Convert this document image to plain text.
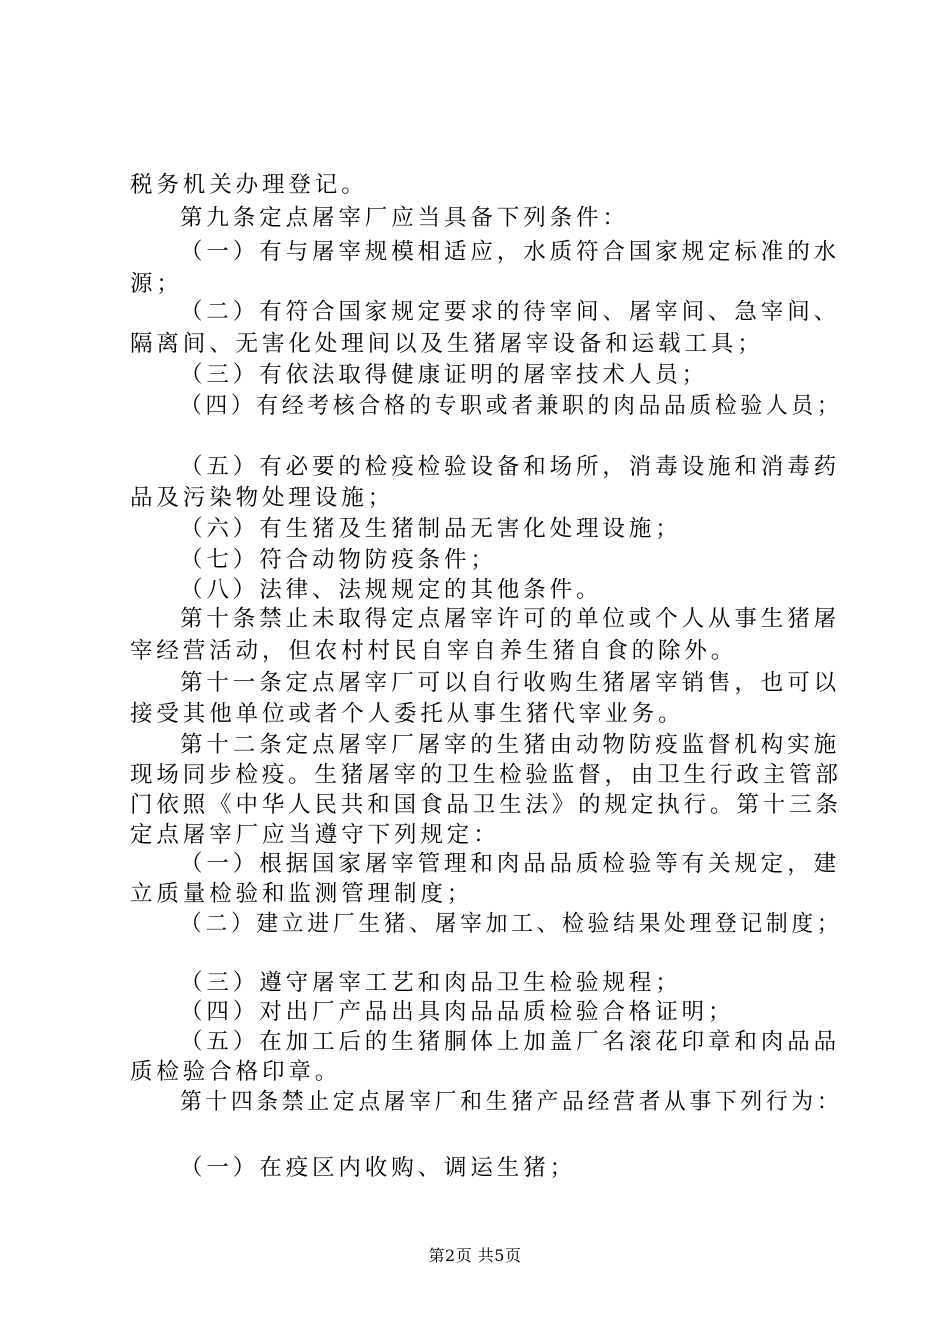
税务机关办理登记。
第九条定点屠宰厂应当具备下列条件：
（一）有与屠宰规模相适应，水质符合国家规定标准的水
源；
（二）有符合国家规定要求的待宰间、屠宰间、急宰间、
隔离间、无害化处理间以及生猪屠宰设备和运载工具；
（三）有依法取得健康证明的屠宰技术人员；
（四）有经考核合格的专职或者兼职的肉品品质检验人员；
（五）有必要的检疫检验设备和场所，消毒设施和消毒药
品及污染物处理设施；
（六）有生猪及生猪制品无害化处理设施；
（七）符合动物防疫条件；
（八）法律、法规规定的其他条件。
第十条禁止未取得定点屠宰许可的单位或个人从事生猪屠
宰经营活动，但农村村民自宰自养生猪自食的除外。
第十一条定点屠宰厂可以自行收购生猪屠宰销售，也可以
接受其他单位或者个人委托从事生猪代宰业务。
第十二条定点屠宰厂屠宰的生猪由动物防疫监督机构实施
现场同步检疫。生猪屠宰的卫生检验监督，由卫生行政主管部
门依照《中华人民共和国食品卫生法》的规定执行。第十三条
定点屠宰厂应当遵守下列规定：
（一）根据国家屠宰管理和肉品品质检验等有关规定，建
立质量检验和监测管理制度；
（二）建立进厂生猪、屠宰加工、检验结果处理登记制度；
（三）遵守屠宰工艺和肉品卫生检验规程；
（四）对出厂产品出具肉品品质检验合格证明；
（五）在加工后的生猪胴体上加盖厂名滚花印章和肉品品
质检验合格印章。
第十四条禁止定点屠宰厂和生猪产品经营者从事下列行为：
（一）在疫区内收购、调运生猪；
第2页 共5页
